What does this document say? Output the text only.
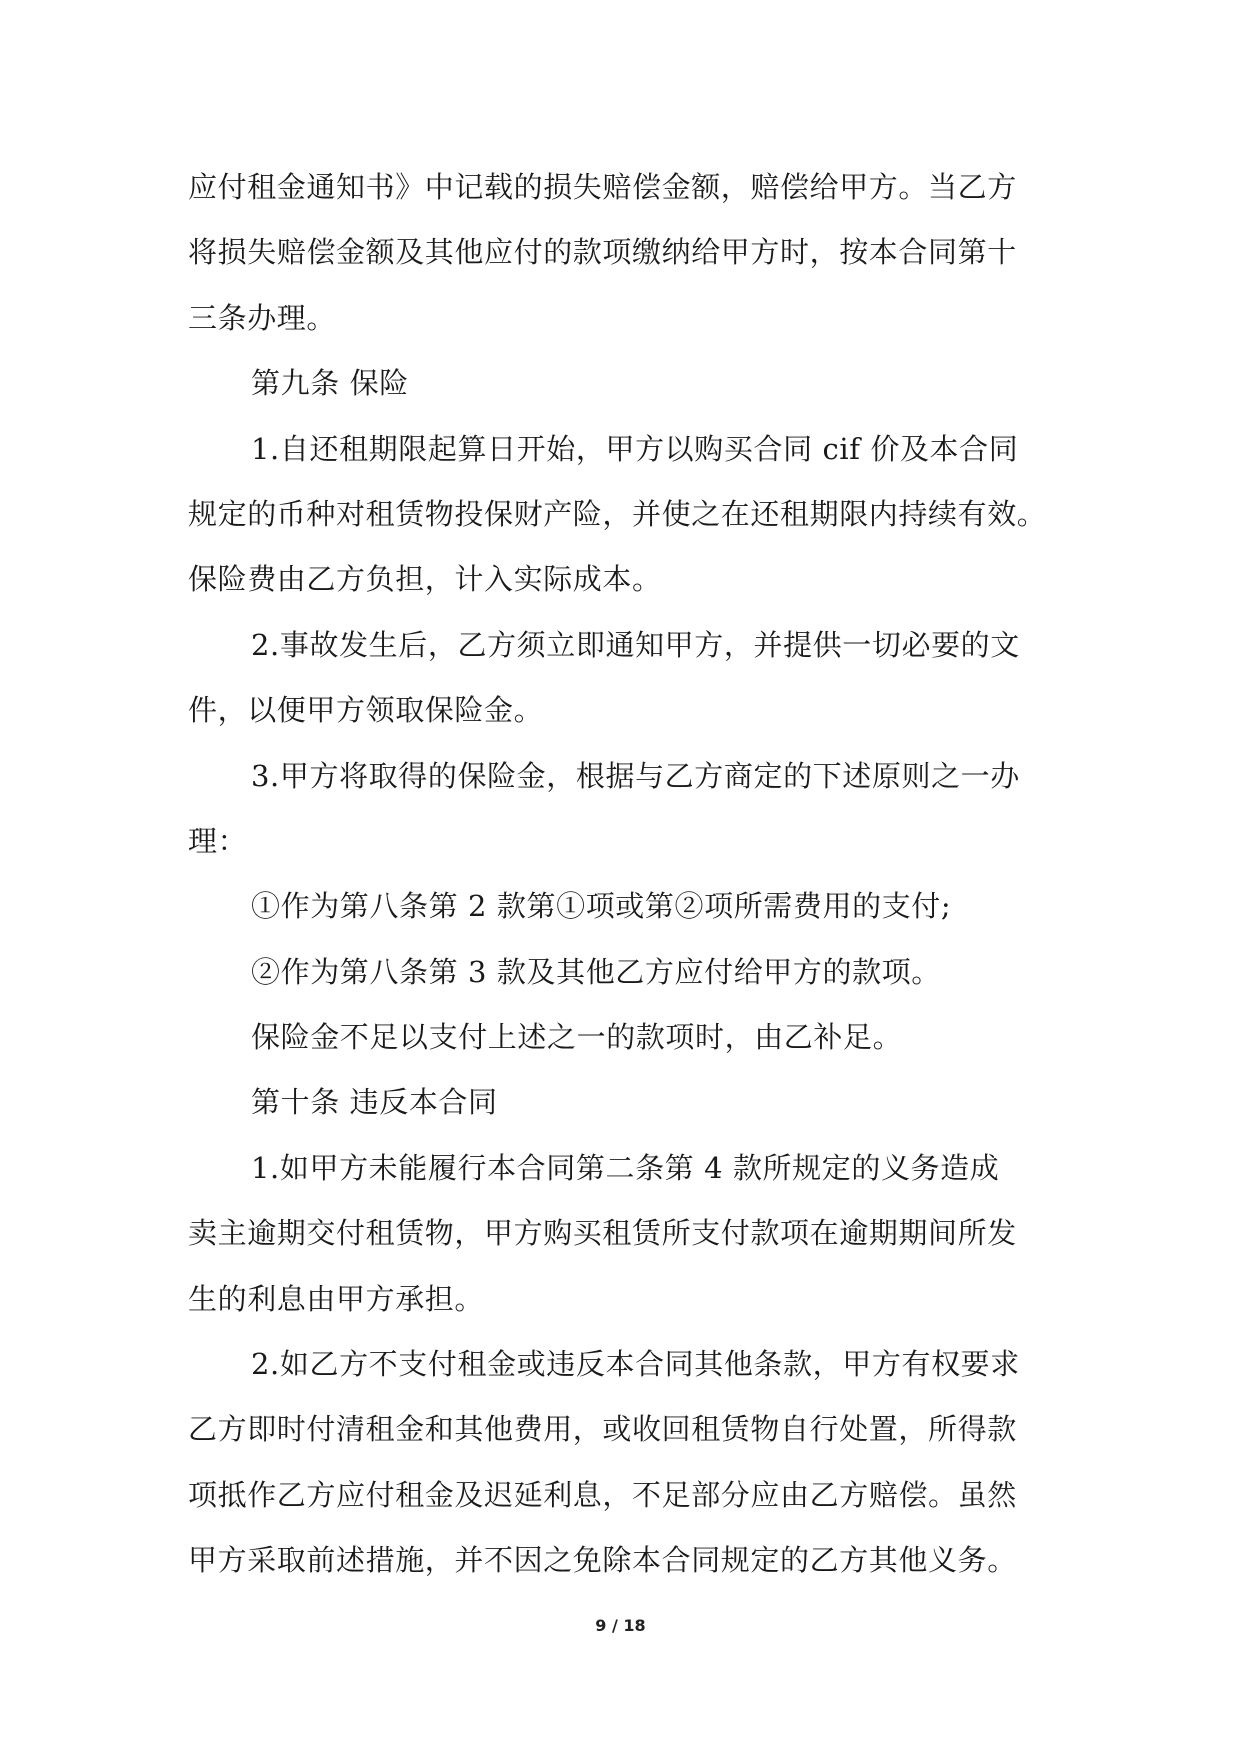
应付租金通知书》中记载的损失赔偿金额，赔偿给甲方。当乙方
将损失赔偿金额及其他应付的款项缴纳给甲方时，按本合同第十
三条办理。
第九条 保险
1.自还租期限起算日开始，甲方以购买合同 cif 价及本合同
规定的币种对租赁物投保财产险，并使之在还租期限内持续有效。
保险费由乙方负担，计入实际成本。
2.事故发生后，乙方须立即通知甲方，并提供一切必要的文
件，以便甲方领取保险金。
3.甲方将取得的保险金，根据与乙方商定的下述原则之一办
理：
①作为第八条第 2 款第①项或第②项所需费用的支付;
②作为第八条第 3 款及其他乙方应付给甲方的款项。
保险金不足以支付上述之一的款项时，由乙补足。
第十条 违反本合同
1.如甲方未能履行本合同第二条第 4 款所规定的义务造成
卖主逾期交付租赁物，甲方购买租赁所支付款项在逾期期间所发
生的利息由甲方承担。
2.如乙方不支付租金或违反本合同其他条款，甲方有权要求
乙方即时付清租金和其他费用，或收回租赁物自行处置，所得款
项抵作乙方应付租金及迟延利息，不足部分应由乙方赔偿。虽然
甲方采取前述措施，并不因之免除本合同规定的乙方其他义务。
9 / 18
